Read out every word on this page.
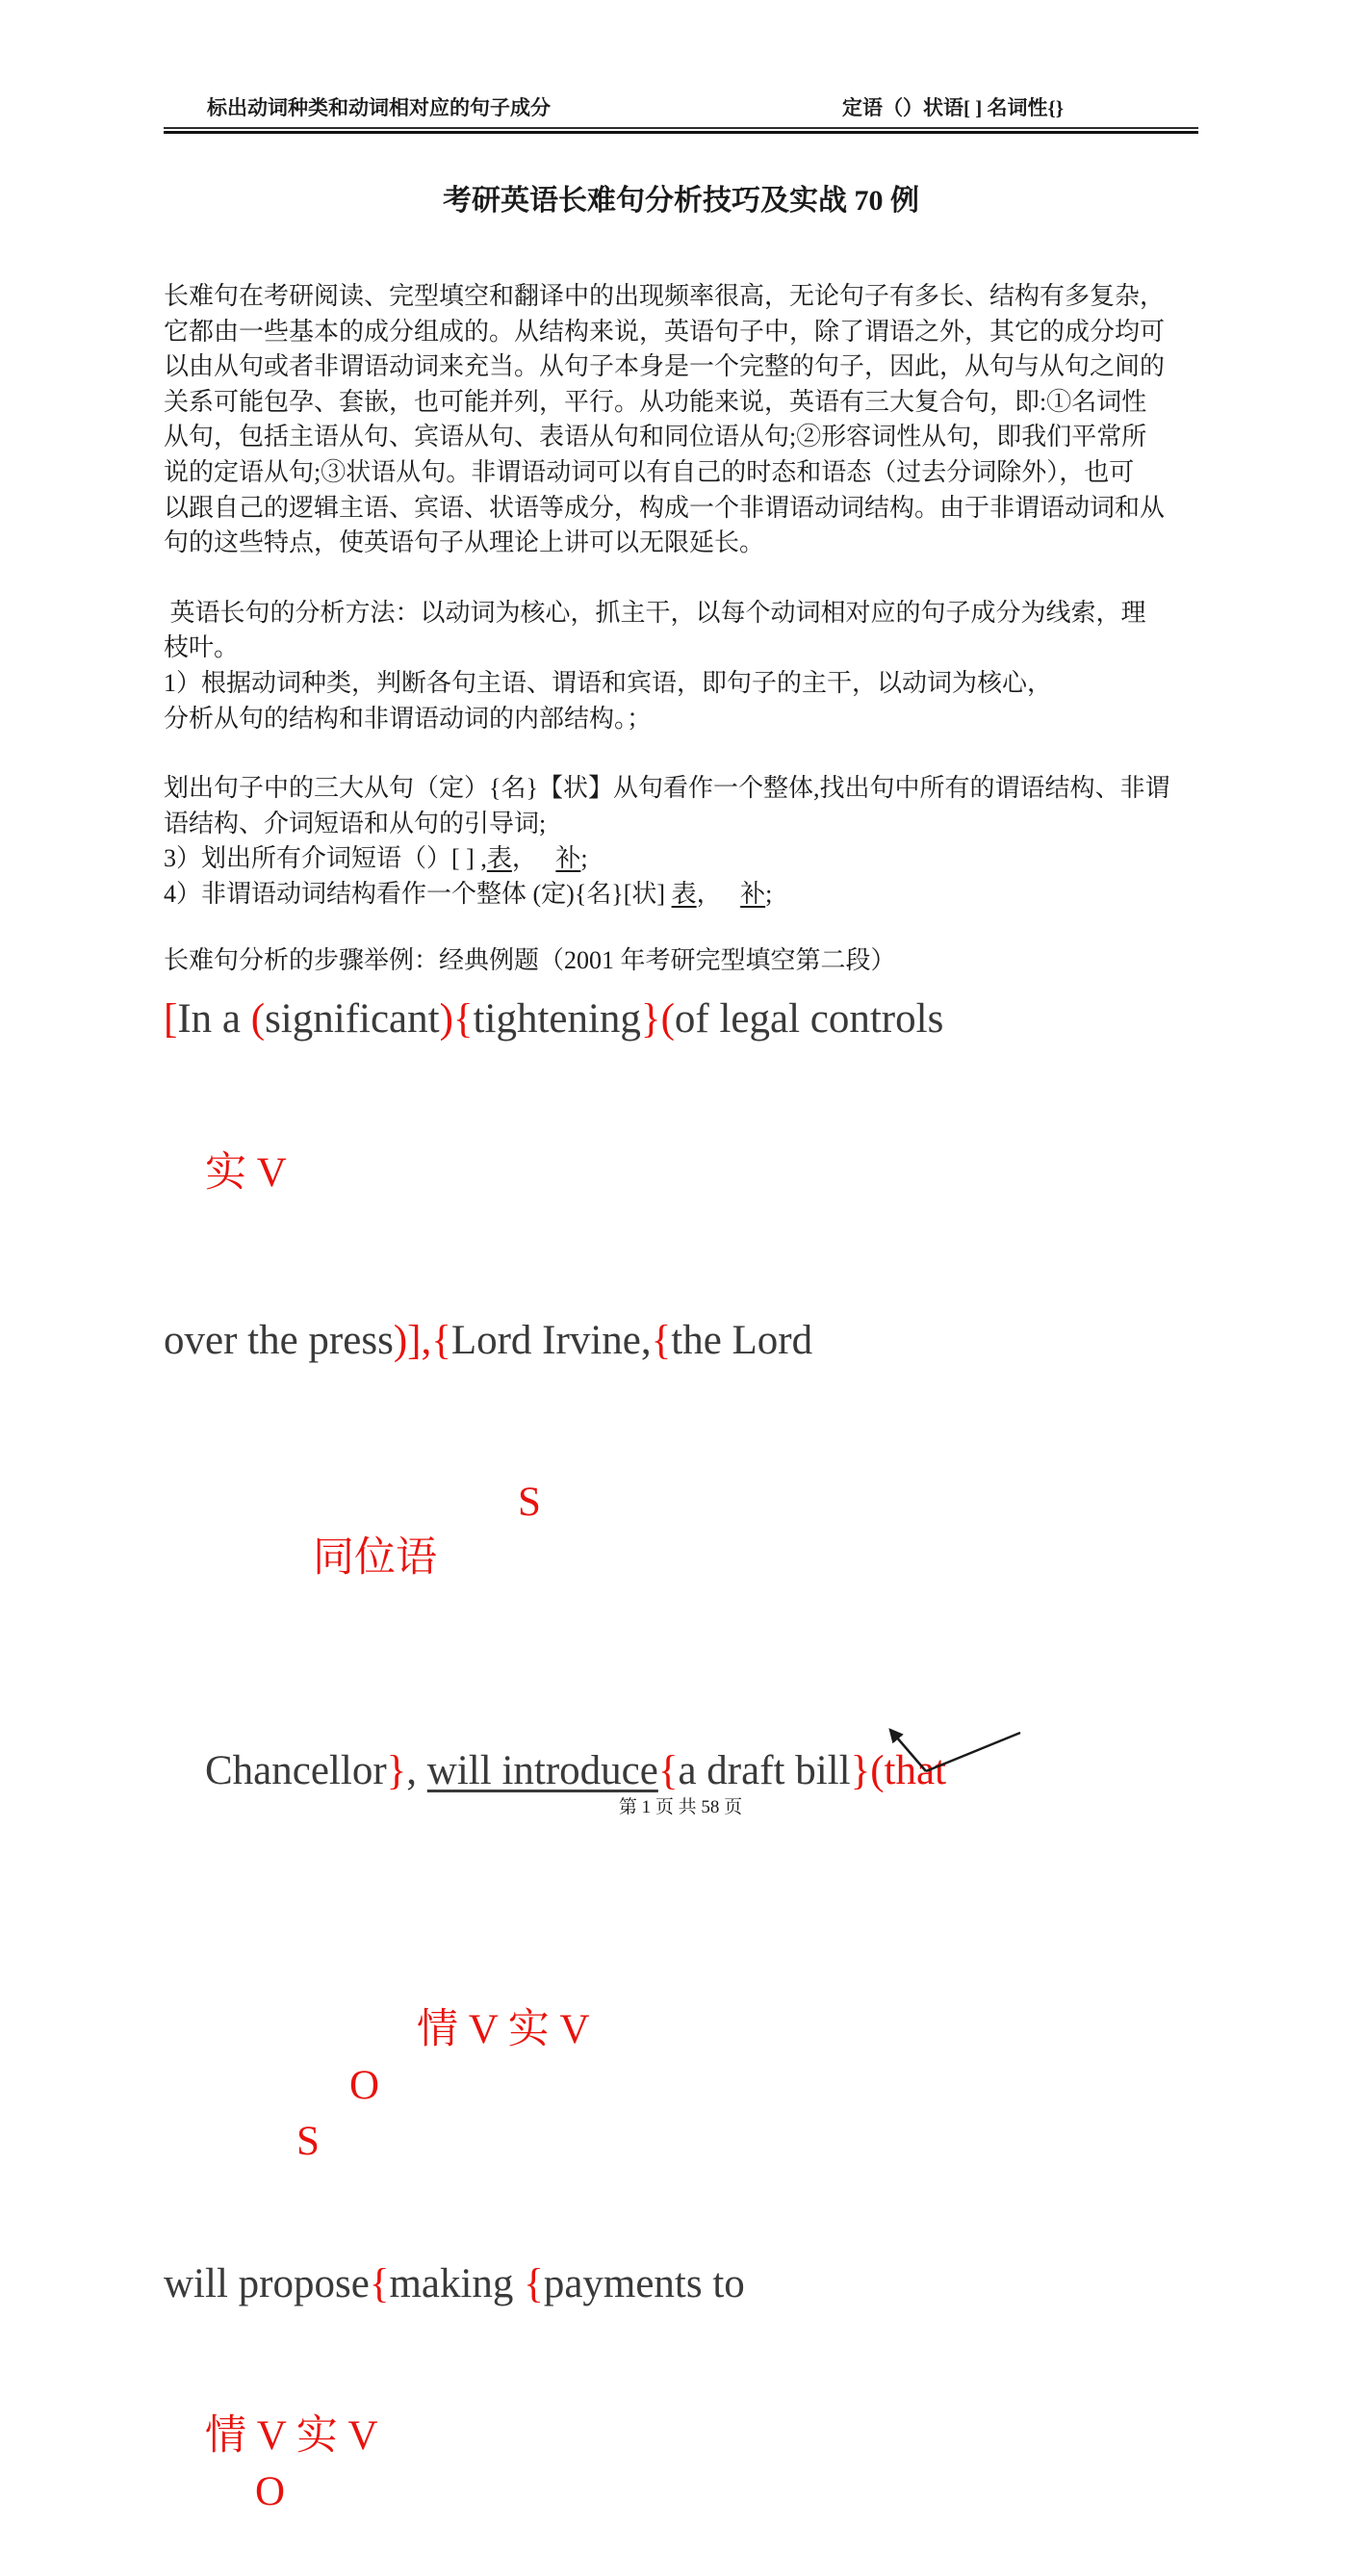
标出动词种类和动词相对应的句子成分	定语（）状语[ ] 名词性{}
考研英语长难句分析技巧及实战 70 例
长难句在考研阅读、完型填空和翻译中的出现频率很高，无论句子有多长、结构有多复杂，
它都由一些基本的成分组成的。从结构来说，英语句子中，除了谓语之外，其它的成分均可
以由从句或者非谓语动词来充当。从句子本身是一个完整的句子，因此，从句与从句之间的
关系可能包孕、套嵌，也可能并列，平行。从功能来说，英语有三大复合句，即:①名词性
从句，包括主语从句、宾语从句、表语从句和同位语从句;②形容词性从句，即我们平常所
说的定语从句;③状语从句。非谓语动词可以有自己的时态和语态（过去分词除外），也可
以跟自己的逻辑主语、宾语、状语等成分，构成一个非谓语动词结构。由于非谓语动词和从
句的这些特点，使英语句子从理论上讲可以无限延长。
英语长句的分析方法：以动词为核心，抓主干，以每个动词相对应的句子成分为线索，理
枝叶。
1）根据动词种类，判断各句主语、谓语和宾语，即句子的主干，以动词为核心，
分析从句的结构和非谓语动词的内部结构。；
划出句子中的三大从句（定）{名}【状】从句看作一个整体,找出句中所有的谓语结构、非谓
语结构、介词短语和从句的引导词;
3）划出所有介词短语（）[ ] ,表，   补;
4）非谓语动词结构看作一个整体 (定){名}[状] 表，   补;
长难句分析的步骤举例：经典例题（2001 年考研完型填空第二段）
[In a (significant){tightening}(of legal controls

实 V

over the press)],{Lord Irvine,{the Lord

S
同位语

Chancellor}, will introduce{a draft bill}(that

情 V 实 V
O
S

will propose{making {payments to

情 V 实 V
O

第 1 页 共 58 页
